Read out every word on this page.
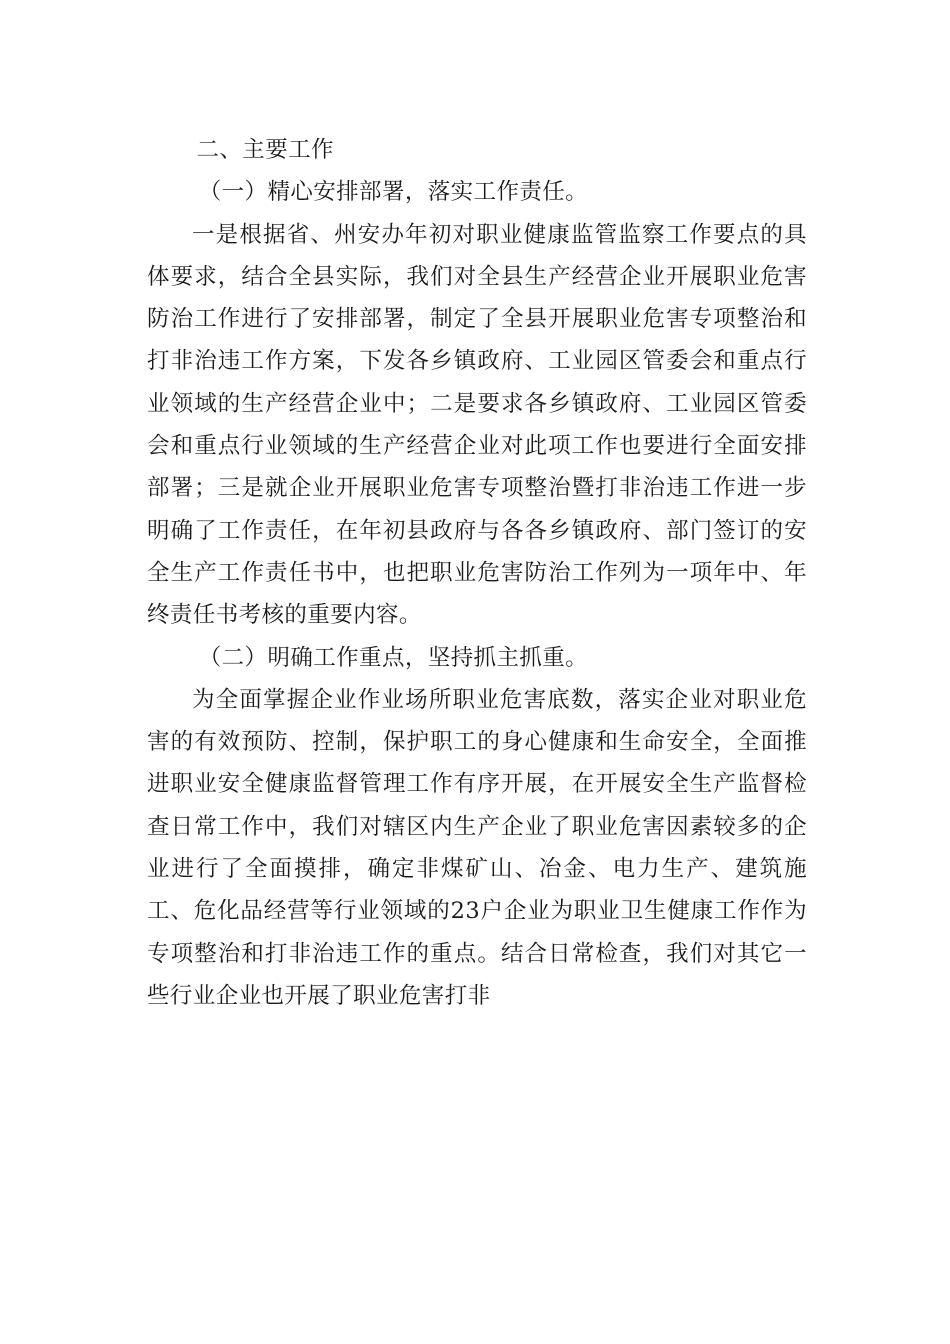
二、主要工作

（一）精心安排部署，落实工作责任。

一是根据省、州安办年初对职业健康监管监察工作要点的具体要求，结合全县实际，我们对全县生产经营企业开展职业危害防治工作进行了安排部署，制定了全县开展职业危害专项整治和打非治违工作方案，下发各乡镇政府、工业园区管委会和重点行业领域的生产经营企业中；二是要求各乡镇政府、工业园区管委会和重点行业领域的生产经营企业对此项工作也要进行全面安排部署；三是就企业开展职业危害专项整治暨打非治违工作进一步明确了工作责任，在年初县政府与各各乡镇政府、部门签订的安全生产工作责任书中，也把职业危害防治工作列为一项年中、年终责任书考核的重要内容。

（二）明确工作重点，坚持抓主抓重。

为全面掌握企业作业场所职业危害底数，落实企业对职业危害的有效预防、控制，保护职工的身心健康和生命安全，全面推进职业安全健康监督管理工作有序开展，在开展安全生产监督检查日常工作中，我们对辖区内生产企业了职业危害因素较多的企业进行了全面摸排，确定非煤矿山、冶金、电力生产、建筑施工、危化品经营等行业领域的23户企业为职业卫生健康工作作为专项整治和打非治违工作的重点。结合日常检查，我们对其它一些行业企业也开展了职业危害打非
